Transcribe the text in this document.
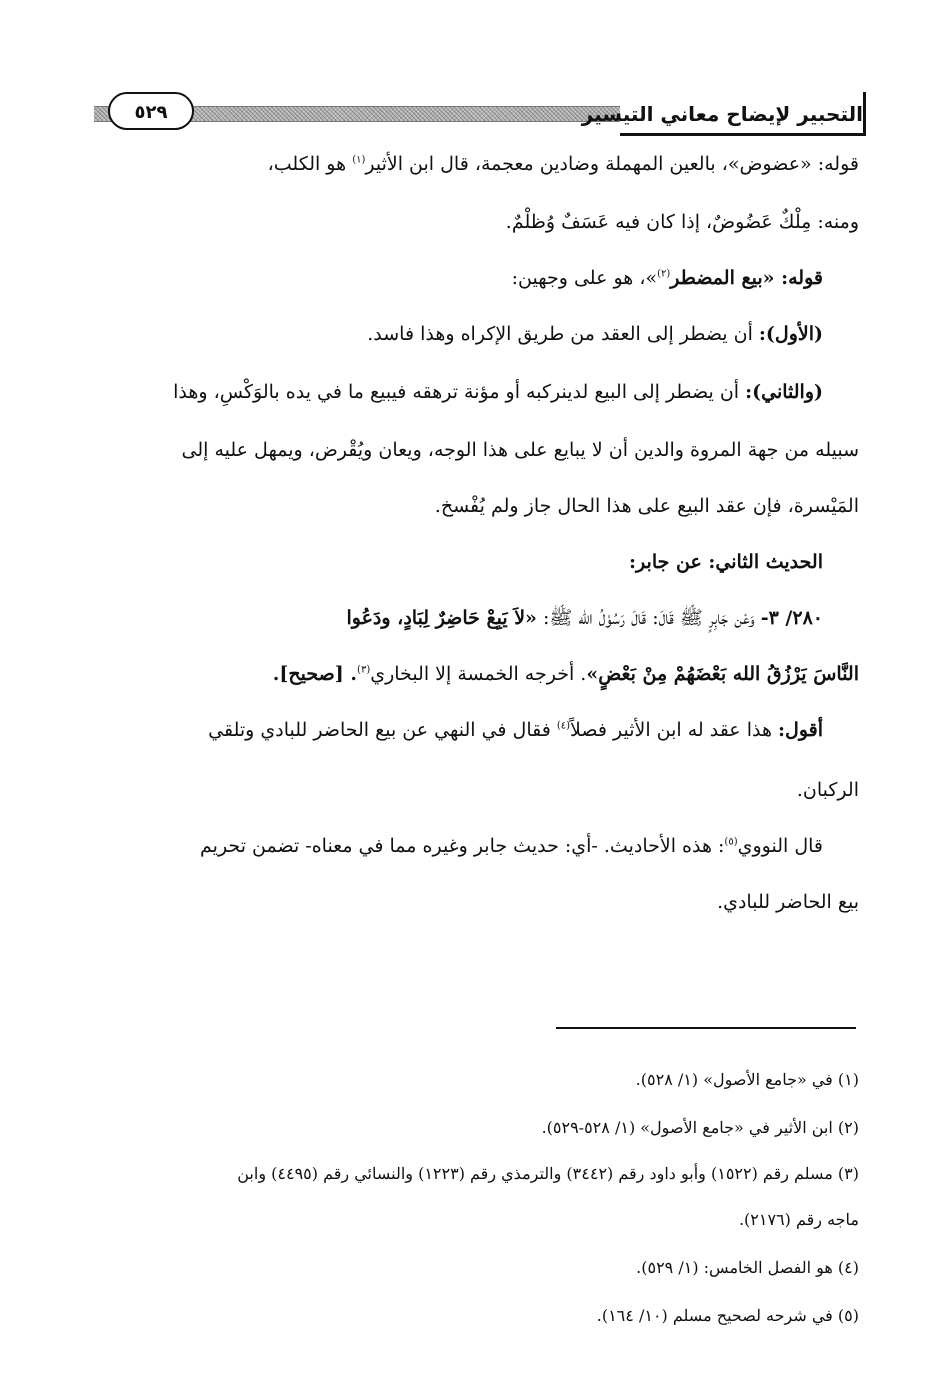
التحبير لإيضاح معاني التيسير
٥٢٩
قوله: «عضوض»، بالعين المهملة وضادين معجمة، قال ابن الأثير$^{(١)}$ هو الكلب،
ومنه: مِلْكٌ عَضُوضٌ، إذا كان فيه عَسَفٌ وُظلْمٌ.
قوله: «بيع المضطر$^{(٢)}$»، هو على وجهين:
(الأول): أن يضطر إلى العقد من طريق الإكراه وهذا فاسد.
(والثاني): أن يضطر إلى البيع لدينركبه أو مؤنة ترهقه فيبيع ما في يده بالوَكْسِ، وهذا
سبيله من جهة المروة والدين أن لا يبايع على هذا الوجه، ويعان ويُقْرض، ويمهل عليه إلى
المَيْسرة، فإن عقد البيع على هذا الحال جاز ولم يُفْسخ.
الحديث الثاني: عن جابر:
٢٨٠/ ٣- وَعْن جَابِرٍ ﷺ قَالَ: قَالَ رَسُوْلُ الله ﷺ: «لاَ يَبِعْ حَاضِرٌ لِبَادٍ، ودَعُوا
النَّاسَ يَرْزُقُ الله بَعْضَهُمْ مِنْ بَعْضٍ». أخرجه الخمسة إلا البخاري$^{(٣)}$. [صحيح].
أقول: هذا عقد له ابن الأثير فصلاً$^{(٤)}$ فقال في النهي عن بيع الحاضر للبادي وتلقي
الركبان.
قال النووي$^{(٥)}$: هذه الأحاديث. -أي: حديث جابر وغيره مما في معناه- تضمن تحريم
بيع الحاضر للبادي.
(١) في «جامع الأصول» (١/ ٥٢٨).
(٢) ابن الأثير في «جامع الأصول» (١/ ٥٢٨-٥٢٩).
(٣) مسلم رقم (١٥٢٢) وأبو داود رقم (٣٤٤٢) والترمذي رقم (١٢٢٣) والنسائي رقم (٤٤٩٥) وابن
ماجه رقم (٢١٧٦).
(٤) هو الفصل الخامس: (١/ ٥٢٩).
(٥) في شرحه لصحيح مسلم (١٠/ ١٦٤).
